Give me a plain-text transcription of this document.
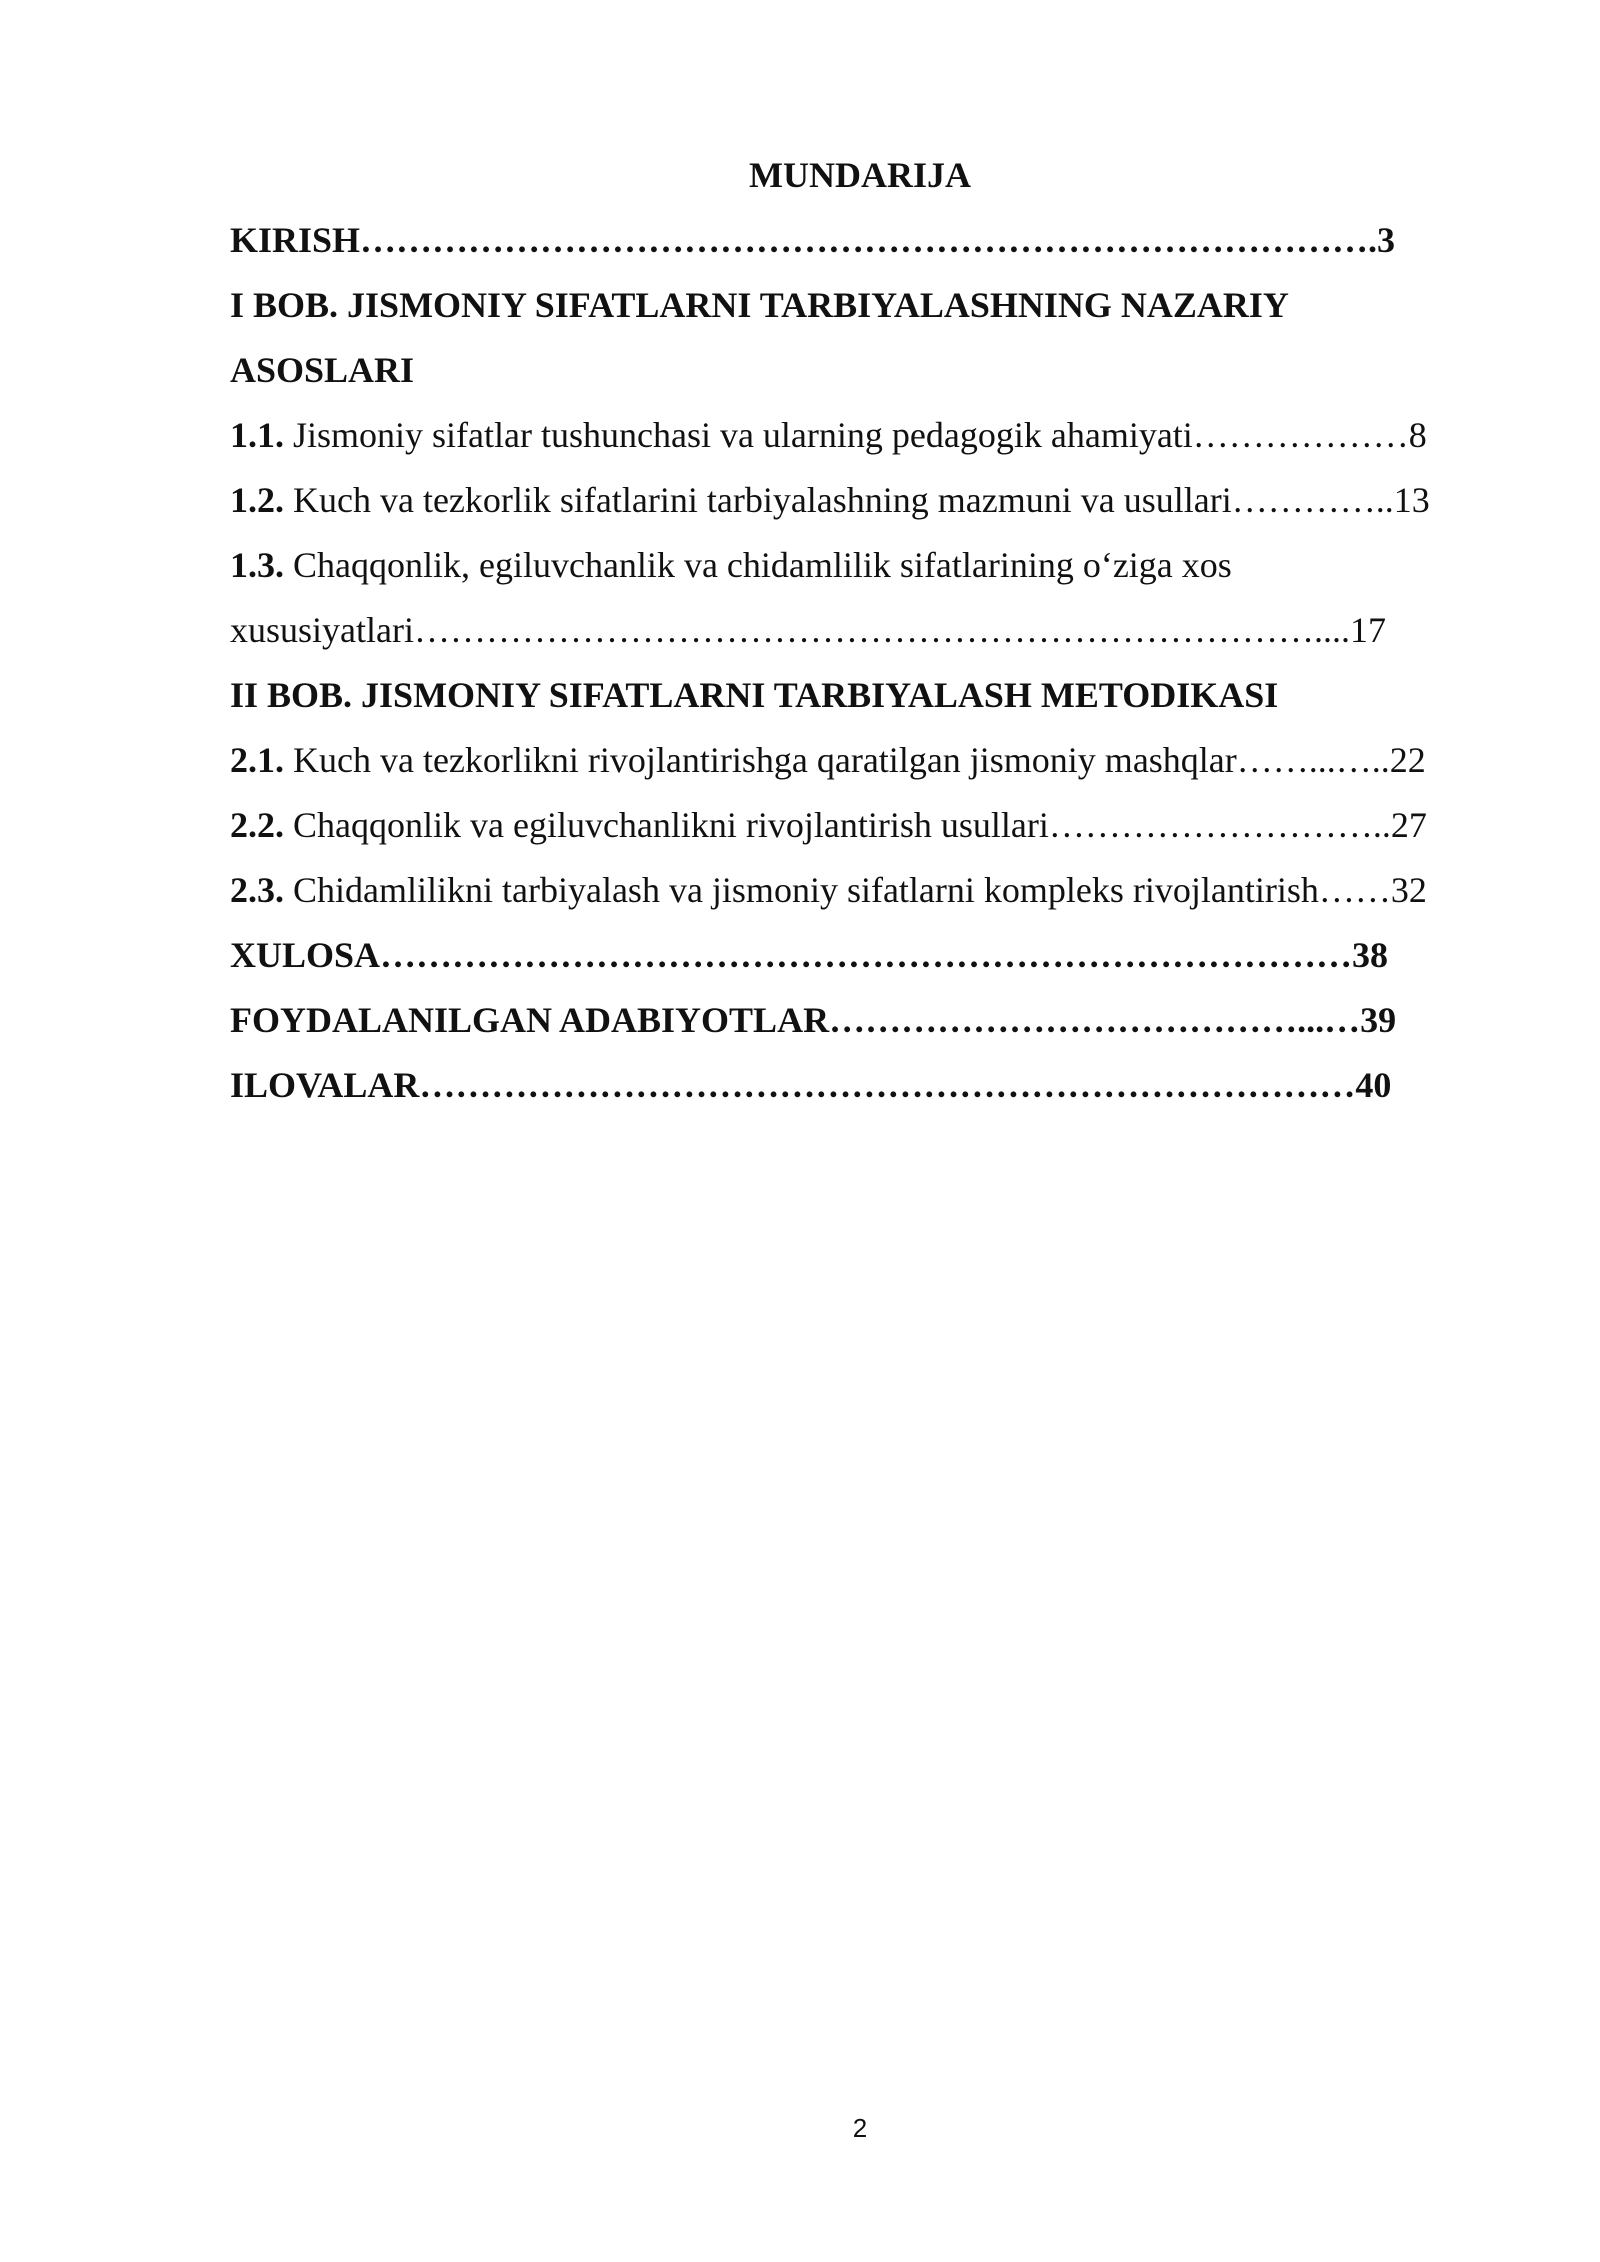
MUNDARIJA
KIRISH………………………………………………………………………….3
I BOB. JISMONIY SIFATLARNI TARBIYALASHNING NAZARIY
ASOSLARI
1.1. Jismoniy sifatlar tushunchasi va ularning pedagogik ahamiyati………………8
1.2. Kuch va tezkorlik sifatlarini tarbiyalashning mazmuni va usullari…………..13
1.3. Chaqqonlik, egiluvchanlik va chidamlilik sifatlarining o‘ziga xos
xususiyatlari…………………………………………………………………....17
II BOB. JISMONIY SIFATLARNI TARBIYALASH METODIKASI
2.1. Kuch va tezkorlikni rivojlantirishga qaratilgan jismoniy mashqlar……...…..22
2.2. Chaqqonlik va egiluvchanlikni rivojlantirish usullari………………………..27
2.3. Chidamlilikni tarbiyalash va jismoniy sifatlarni kompleks rivojlantirish……32
XULOSA………………………………………………………………………38
FOYDALANILGAN ADABIYOTLAR…………………………………...…39
ILOVALAR……………………………………………………………………40
2
